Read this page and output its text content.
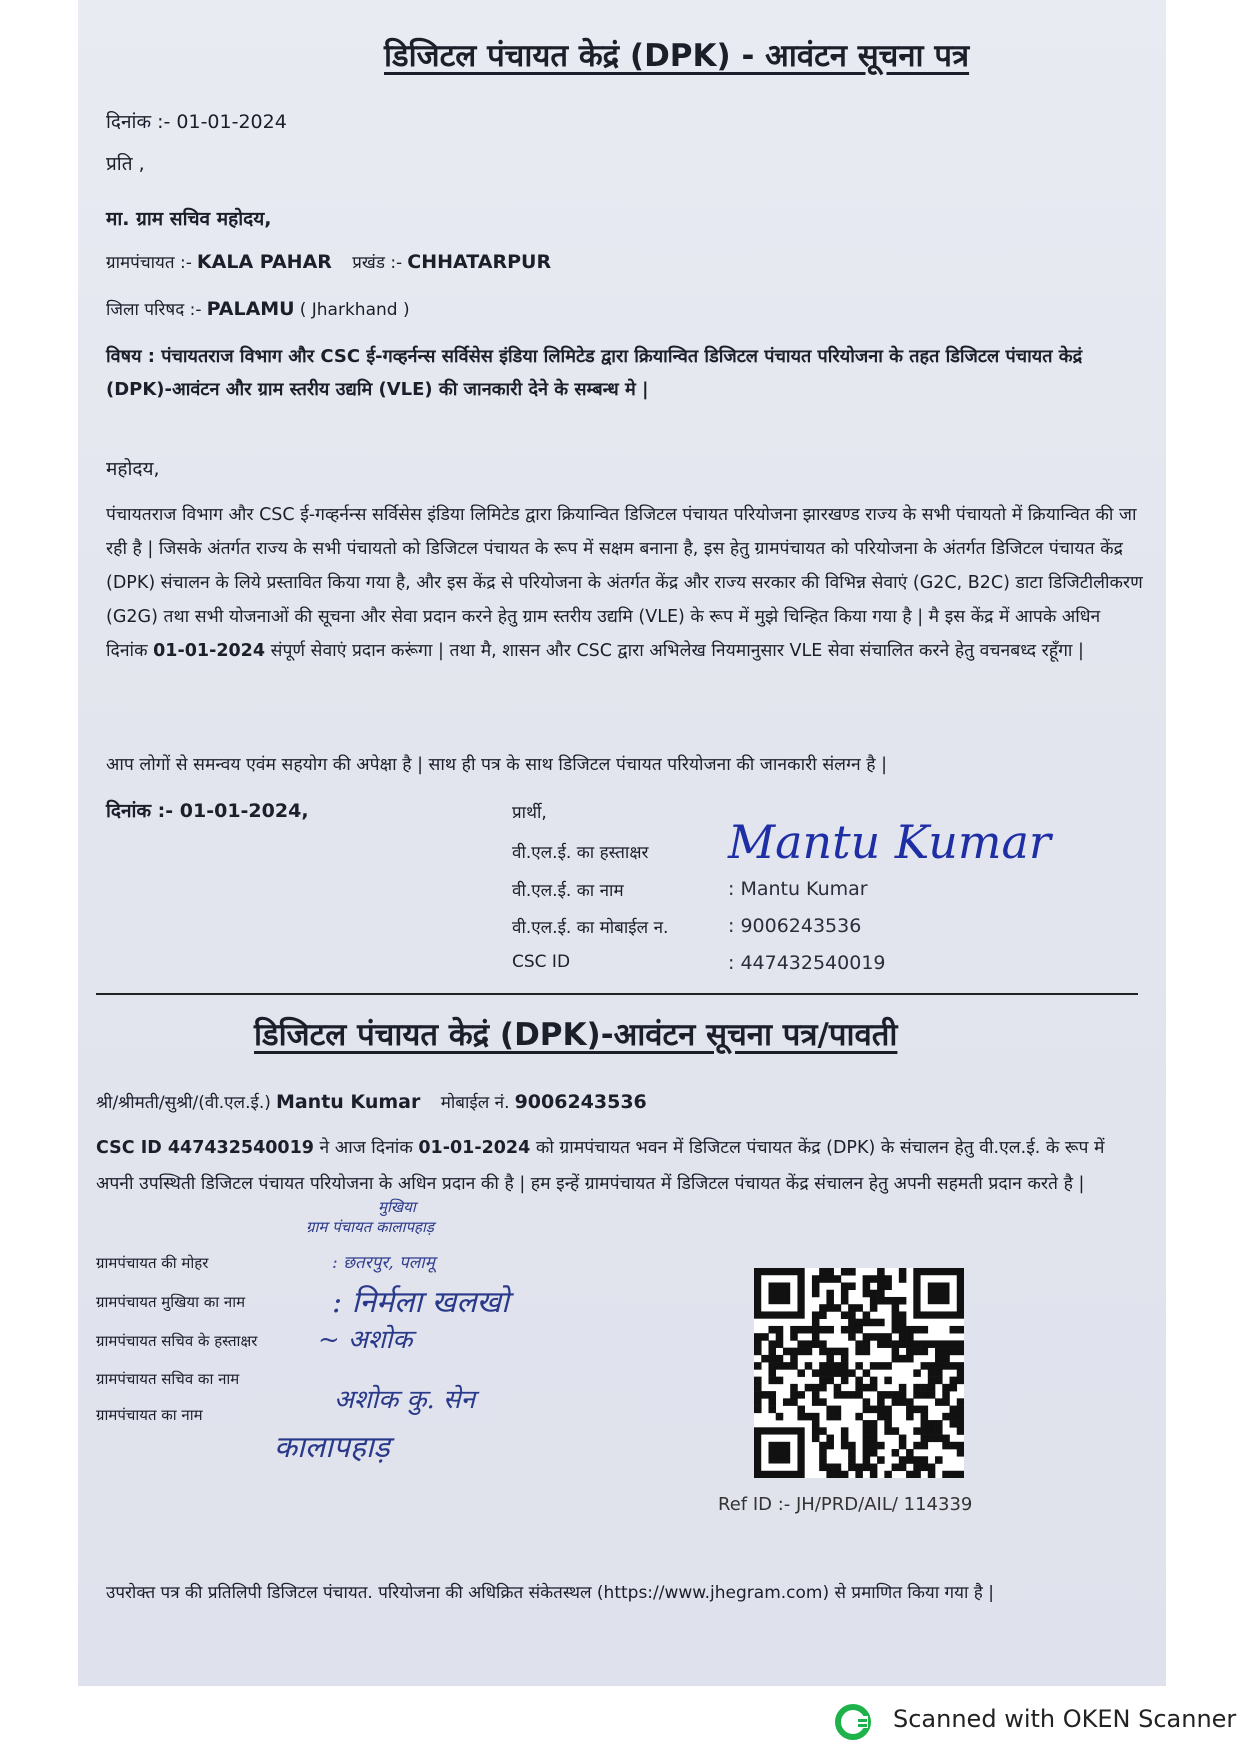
डिजिटल पंचायत केद्रं (DPK) - आवंटन सूचना पत्र
दिनांक :- 01-01-2024
प्रति ,
मा. ग्राम सचिव महोदय,
ग्रामपंचायत :- KALA PAHAR प्रखंड :- CHHATARPUR
जिला परिषद :- PALAMU ( Jharkhand )
विषय : पंचायतराज विभाग और CSC ई-गव्हर्नन्स सर्विसेस इंडिया लिमिटेड द्वारा क्रियान्वित डिजिटल पंचायत परियोजना के तहत डिजिटल पंचायत केद्रं (DPK)-आवंटन और ग्राम स्तरीय उद्यमि (VLE) की जानकारी देने के सम्बन्ध मे |
महोदय,
पंचायतराज विभाग और CSC ई-गव्हर्नन्स सर्विसेस इंडिया लिमिटेड द्वारा क्रियान्वित डिजिटल पंचायत परियोजना झारखण्ड राज्य के सभी पंचायतो में क्रियान्वित की जा रही है | जिसके अंतर्गत राज्य के सभी पंचायतो को डिजिटल पंचायत के रूप में सक्षम बनाना है, इस हेतु ग्रामपंचायत को परियोजना के अंतर्गत डिजिटल पंचायत केंद्र (DPK) संचालन के लिये प्रस्तावित किया गया है, और इस केंद्र से परियोजना के अंतर्गत केंद्र और राज्य सरकार की विभिन्न सेवाएं (G2C, B2C) डाटा डिजिटीलीकरण (G2G) तथा सभी योजनाओं की सूचना और सेवा प्रदान करने हेतु ग्राम स्तरीय उद्यमि (VLE) के रूप में मुझे चिन्हित किया गया है | मै इस केंद्र में आपके अधिन दिनांक 01-01-2024 संपूर्ण सेवाएं प्रदान करूंगा | तथा मै, शासन और CSC द्वारा अभिलेख नियमानुसार VLE सेवा संचालित करने हेतु वचनबध्द रहूँगा |
आप लोगों से समन्वय एवंम सहयोग की अपेक्षा है | साथ ही पत्र के साथ डिजिटल पंचायत परियोजना की जानकारी संलग्न है |
दिनांक :- 01-01-2024,	प्रार्थी,
वी.एल.ई. का हस्ताक्षर Mantu Kumar
वी.एल.ई. का नाम	: Mantu Kumar
वी.एल.ई. का मोबाईल न.	: 9006243536
CSC ID	: 447432540019
डिजिटल पंचायत केद्रं (DPK)-आवंटन सूचना पत्र/पावती
श्री/श्रीमती/सुश्री/(वी.एल.ई.) Mantu Kumar मोबाईल नं. 9006243536
CSC ID 447432540019 ने आज दिनांक 01-01-2024 को ग्रामपंचायत भवन में डिजिटल पंचायत केंद्र (DPK) के संचालन हेतु वी.एल.ई. के रूप में अपनी उपस्थिती डिजिटल पंचायत परियोजना के अधिन प्रदान की है | हम इन्हें ग्रामपंचायत में डिजिटल पंचायत केंद्र संचालन हेतु अपनी सहमती प्रदान करते है |
मुखिया
ग्राम पंचायत कालापहाड़
ग्रामपंचायत की मोहर	: छतरपुर, पलामू
ग्रामपंचायत मुखिया का नाम	: निर्मला खलखो
ग्रामपंचायत सचिव के हस्ताक्षर ~ अशोक
ग्रामपंचायत सचिव का नाम
अशोक कु. सेन
ग्रामपंचायत का नाम
कालापहाड़
Ref ID :- JH/PRD/AIL/ 114339
उपरोक्त पत्र की प्रतिलिपी डिजिटल पंचायत. परियोजना की अधिक्रित संकेतस्थल (https://www.jhegram.com) से प्रमाणित किया गया है |
Scanned with OKEN Scanner
